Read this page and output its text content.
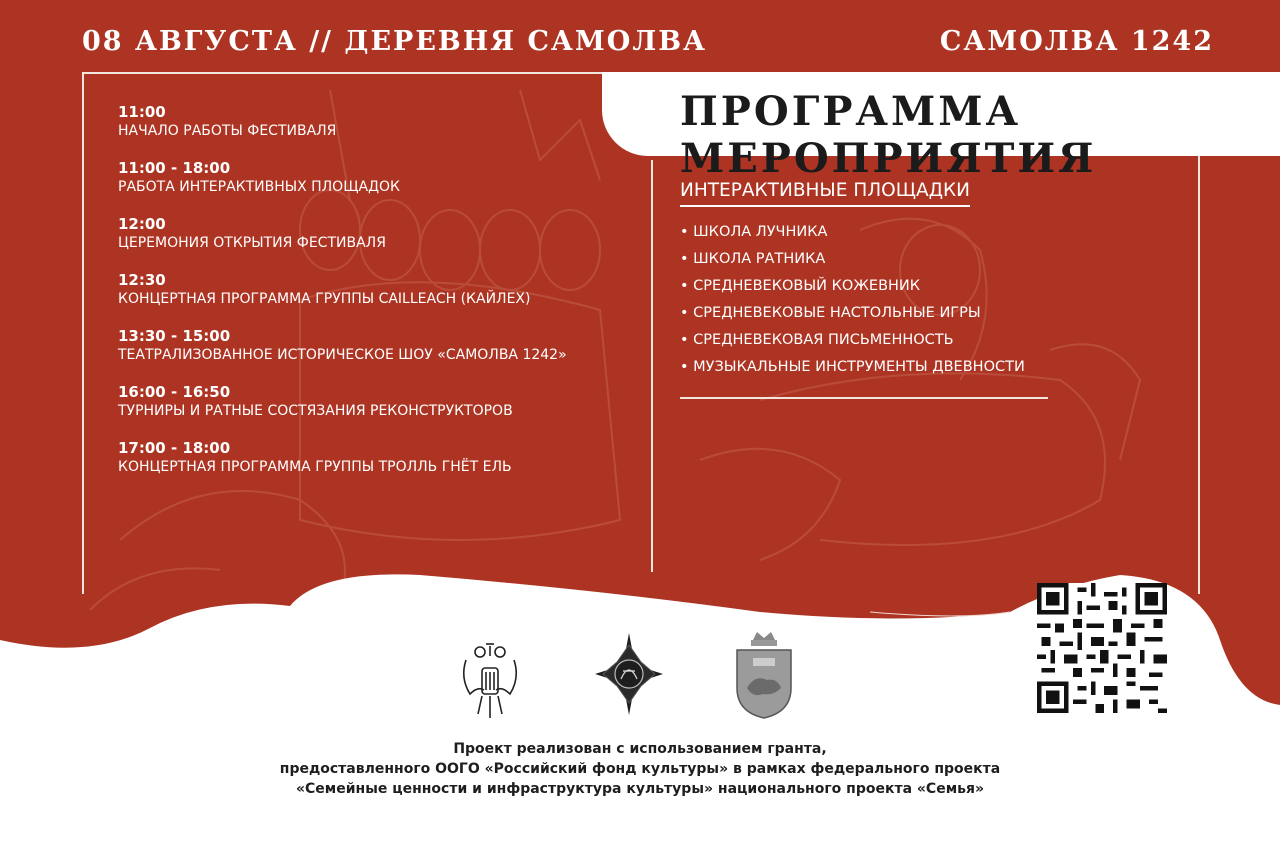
08 АВГУСТА // ДЕРЕВНЯ САМОЛВА	САМОЛВА 1242
ПРОГРАММА МЕРОПРИЯТИЯ
11:00
НАЧАЛО РАБОТЫ ФЕСТИВАЛЯ
11:00 - 18:00
РАБОТА ИНТЕРАКТИВНЫХ ПЛОЩАДОК
12:00
ЦЕРЕМОНИЯ ОТКРЫТИЯ ФЕСТИВАЛЯ
12:30
КОНЦЕРТНАЯ ПРОГРАММА ГРУППЫ CAILLEACH (КАЙЛЕХ)
13:30 - 15:00
ТЕАТРАЛИЗОВАННОЕ ИСТОРИЧЕСКОЕ ШОУ «САМОЛВА 1242»
16:00 - 16:50
ТУРНИРЫ И РАТНЫЕ СОСТЯЗАНИЯ РЕКОНСТРУКТОРОВ
17:00 - 18:00
КОНЦЕРТНАЯ ПРОГРАММА ГРУППЫ ТРОЛЛЬ ГНЁТ ЕЛЬ
ИНТЕРАКТИВНЫЕ ПЛОЩАДКИ
• ШКОЛА ЛУЧНИКА
• ШКОЛА РАТНИКА
• СРЕДНЕВЕКОВЫЙ КОЖЕВНИК
• СРЕДНЕВЕКОВЫЕ НАСТОЛЬНЫЕ ИГРЫ
• СРЕДНЕВЕКОВАЯ ПИСЬМЕННОСТЬ
• МУЗЫКАЛЬНЫЕ ИНСТРУМЕНТЫ ДВЕВНОСТИ
Проект реализован с использованием гранта,
предоставленного ООГО «Российский фонд культуры» в рамках федерального проекта
«Семейные ценности и инфраструктура культуры» национального проекта «Семья»
